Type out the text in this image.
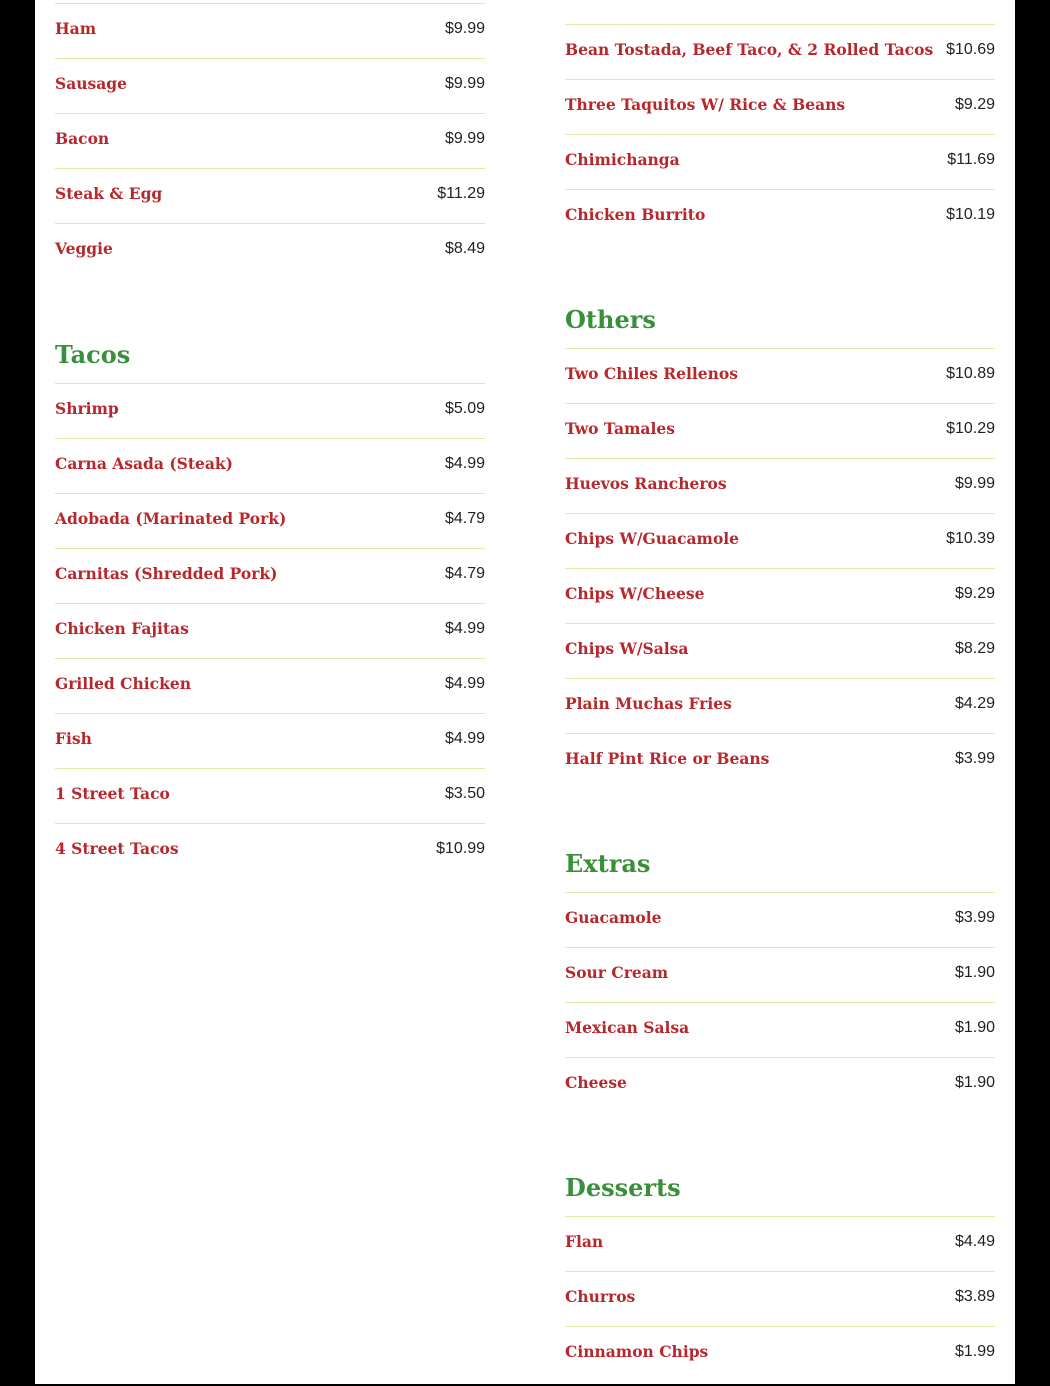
Ham	$9.99
Sausage	$9.99
Bacon	$9.99
Steak & Egg	$11.29
Veggie	$8.49
Tacos
Shrimp	$5.09
Carna Asada (Steak)	$4.99
Adobada (Marinated Pork)	$4.79
Carnitas (Shredded Pork)	$4.79
Chicken Fajitas	$4.99
Grilled Chicken	$4.99
Fish	$4.99
1 Street Taco	$3.50
4 Street Tacos	$10.99
Bean Tostada, Beef Taco, & 2 Rolled Tacos $10.69
Three Taquitos W/ Rice & Beans	$9.29
Chimichanga	$11.69
Chicken Burrito	$10.19
Others
Two Chiles Rellenos	$10.89
Two Tamales	$10.29
Huevos Rancheros	$9.99
Chips W/Guacamole	$10.39
Chips W/Cheese	$9.29
Chips W/Salsa	$8.29
Plain Muchas Fries	$4.29
Half Pint Rice or Beans	$3.99
Extras
Guacamole	$3.99
Sour Cream	$1.90
Mexican Salsa	$1.90
Cheese	$1.90
Desserts
Flan	$4.49
Churros	$3.89
Cinnamon Chips	$1.99
